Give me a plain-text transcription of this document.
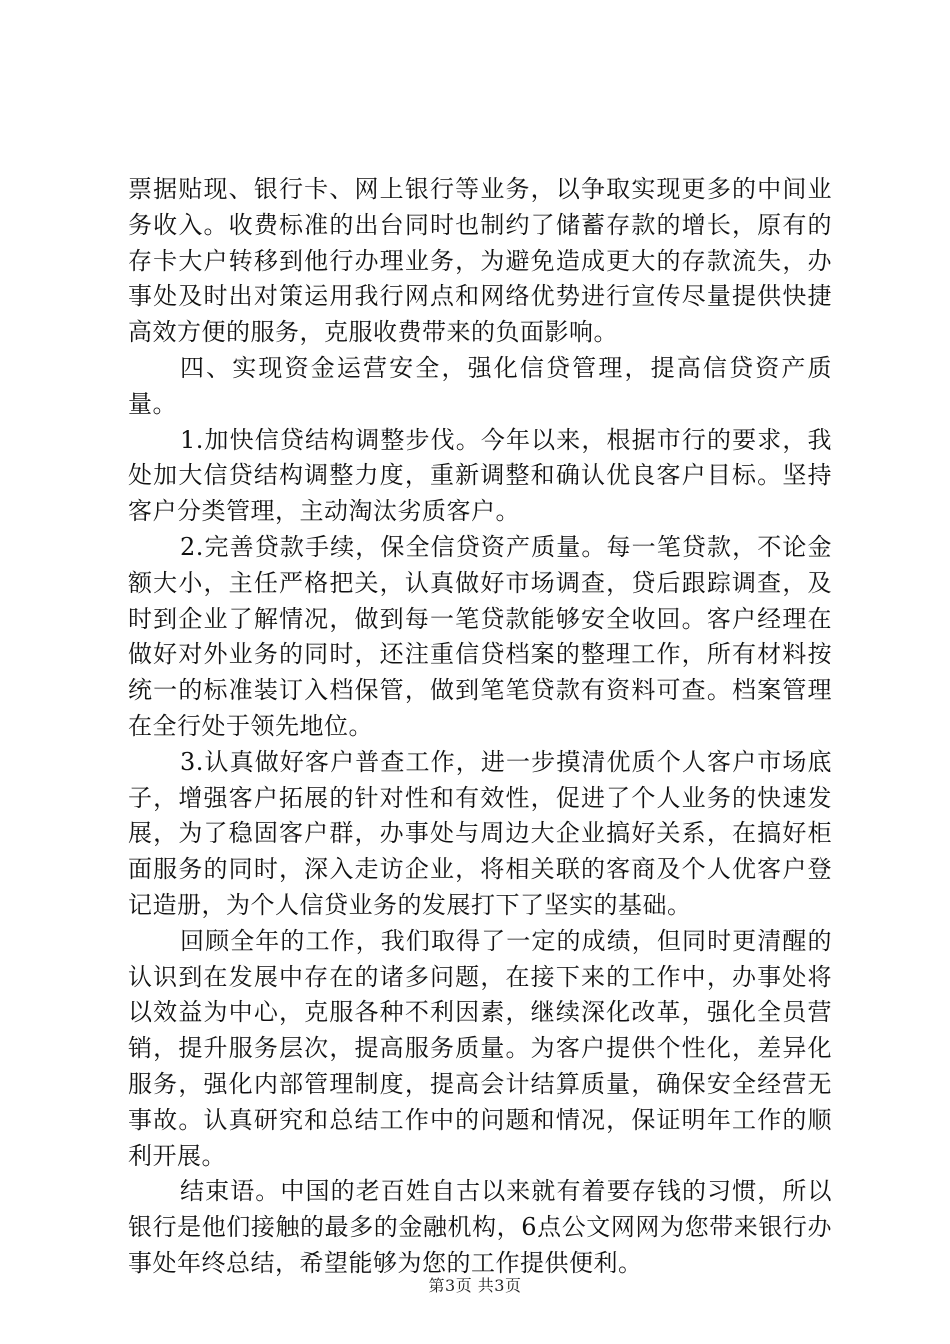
票据贴现、银行卡、网上银行等业务，以争取实现更多的中间业务收入。收费标准的出台同时也制约了储蓄存款的增长，原有的存卡大户转移到他行办理业务，为避免造成更大的存款流失，办事处及时出对策运用我行网点和网络优势进行宣传尽量提供快捷高效方便的服务，克服收费带来的负面影响。

四、实现资金运营安全，强化信贷管理，提高信贷资产质量。

1.加快信贷结构调整步伐。今年以来，根据市行的要求，我处加大信贷结构调整力度，重新调整和确认优良客户目标。坚持客户分类管理，主动淘汰劣质客户。

2.完善贷款手续，保全信贷资产质量。每一笔贷款，不论金额大小，主任严格把关，认真做好市场调查，贷后跟踪调查，及时到企业了解情况，做到每一笔贷款能够安全收回。客户经理在做好对外业务的同时，还注重信贷档案的整理工作，所有材料按统一的标准装订入档保管，做到笔笔贷款有资料可查。档案管理在全行处于领先地位。

3.认真做好客户普查工作，进一步摸清优质个人客户市场底子，增强客户拓展的针对性和有效性，促进了个人业务的快速发展，为了稳固客户群，办事处与周边大企业搞好关系，在搞好柜面服务的同时，深入走访企业，将相关联的客商及个人优客户登记造册，为个人信贷业务的发展打下了坚实的基础。

回顾全年的工作，我们取得了一定的成绩，但同时更清醒的认识到在发展中存在的诸多问题，在接下来的工作中，办事处将以效益为中心，克服各种不利因素，继续深化改革，强化全员营销，提升服务层次，提高服务质量。为客户提供个性化，差异化服务，强化内部管理制度，提高会计结算质量，确保安全经营无事故。认真研究和总结工作中的问题和情况，保证明年工作的顺利开展。

结束语。中国的老百姓自古以来就有着要存钱的习惯，所以银行是他们接触的最多的金融机构，6点公文网网为您带来银行办事处年终总结，希望能够为您的工作提供便利。

第3页 共3页
